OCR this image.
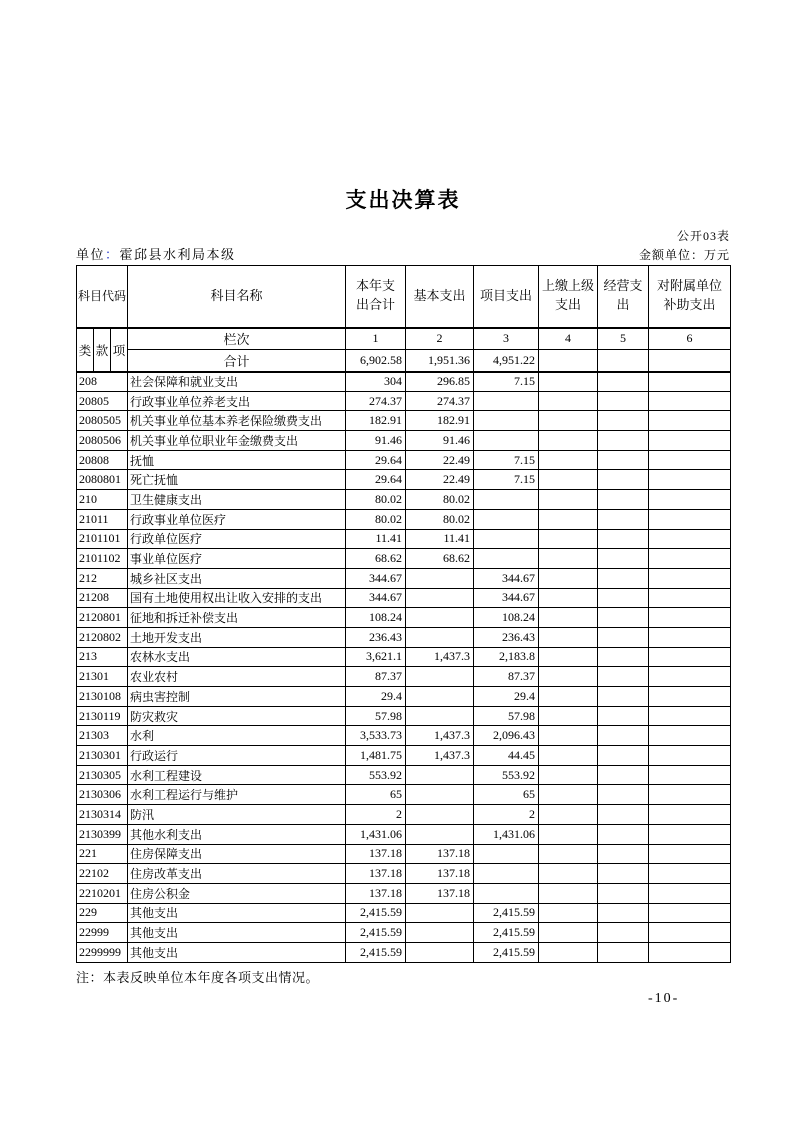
支出决算表
公开03表
单位：霍邱县水利局本级	金额单位：万元
科目代码			科目名称	本年支出合计	基本支出	项目支出	上缴上级支出	经营支出	对附属单位补助支出
类	款	项	栏次	1	2	3	4	5	6
			合计	6,902.58	1,951.36	4,951.22			
208			社会保障和就业支出	304	296.85	7.15			
20805			行政事业单位养老支出	274.37	274.37				
2080505			机关事业单位基本养老保险缴费支出	182.91	182.91				
2080506			机关事业单位职业年金缴费支出	91.46	91.46				
20808			抚恤	29.64	22.49	7.15			
2080801			死亡抚恤	29.64	22.49	7.15			
210			卫生健康支出	80.02	80.02				
21011			行政事业单位医疗	80.02	80.02				
2101101			行政单位医疗	11.41	11.41				
2101102			事业单位医疗	68.62	68.62				
212			城乡社区支出	344.67		344.67			
21208			国有土地使用权出让收入安排的支出	344.67		344.67			
2120801			征地和拆迁补偿支出	108.24		108.24			
2120802			土地开发支出	236.43		236.43			
213			农林水支出	3,621.1	1,437.3	2,183.8			
21301			农业农村	87.37		87.37			
2130108			病虫害控制	29.4		29.4			
2130119			防灾救灾	57.98		57.98			
21303			水利	3,533.73	1,437.3	2,096.43			
2130301			行政运行	1,481.75	1,437.3	44.45			
2130305			水利工程建设	553.92		553.92			
2130306			水利工程运行与维护	65		65			
2130314			防汛	2		2			
2130399			其他水利支出	1,431.06		1,431.06			
221			住房保障支出	137.18	137.18				
22102			住房改革支出	137.18	137.18				
2210201			住房公积金	137.18	137.18				
229			其他支出	2,415.59		2,415.59			
22999			其他支出	2,415.59		2,415.59			
2299999			其他支出	2,415.59		2,415.59			
注：本表反映单位本年度各项支出情况。
-10-
